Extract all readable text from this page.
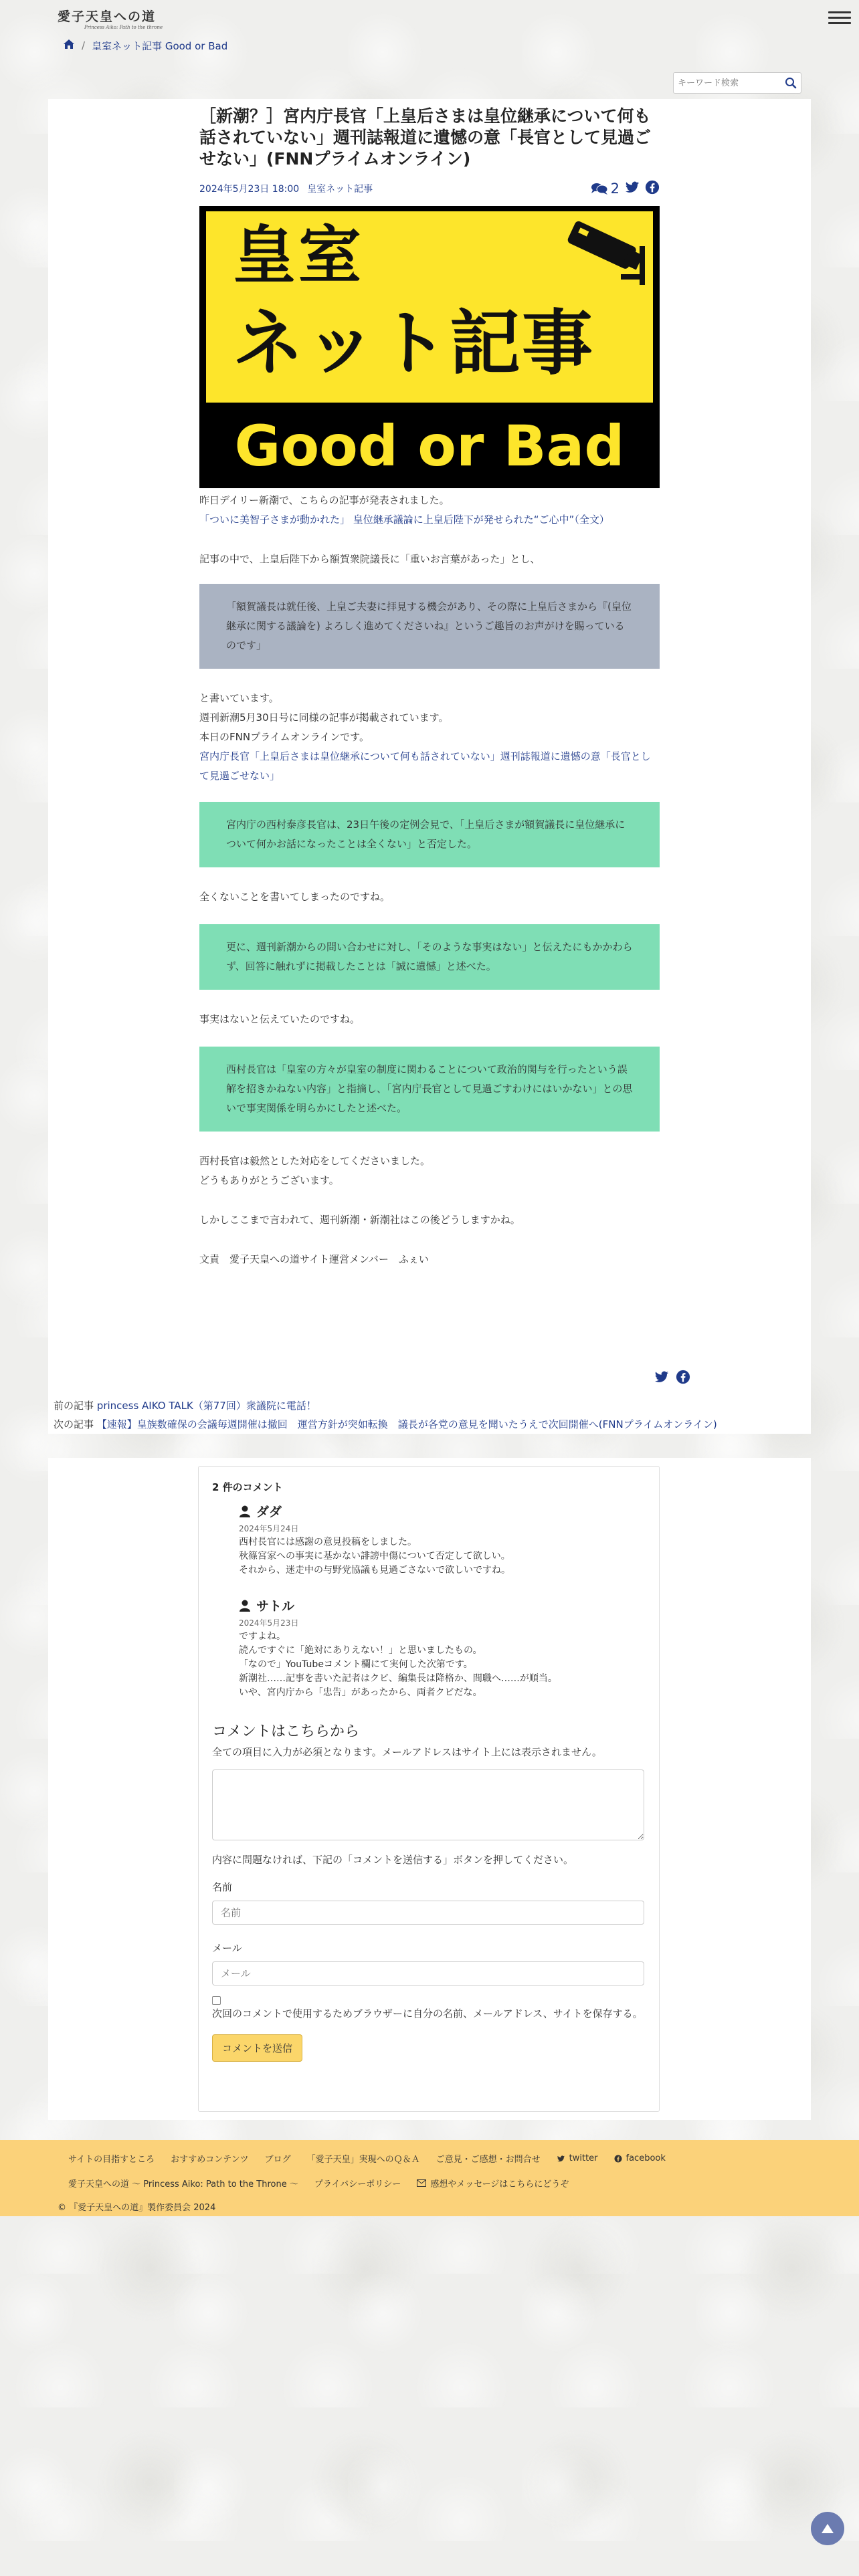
愛子天皇への道
Princess Aiko: Path to the throne
/ 皇室ネット記事 Good or Bad
キーワード検索
［新潮？］宮内庁長官「上皇后さまは皇位継承について何も話されていない」週刊誌報道に遺憾の意「長官として見過ごせない」(FNNプライムオンライン)
2024年5月23日 18:00 皇室ネット記事	2
皇室
ネット記事
Good or Bad

昨日デイリー新潮で、こちらの記事が発表されました。

「ついに美智子さまが動かれた」 皇位継承議論に上皇后陛下が発せられた“ご心中”（全文）

記事の中で、上皇后陛下から額賀衆院議長に「重いお言葉があった」とし、

「額賀議長は就任後、上皇ご夫妻に拝見する機会があり、その際に上皇后さまから『(皇位継承に関する議論を) よろしく進めてくださいね』というご趣旨のお声がけを賜っているのです」

と書いています。

週刊新潮5月30日号に同様の記事が掲載されています。

本日のFNNプライムオンラインです。

宮内庁長官「上皇后さまは皇位継承について何も話されていない」週刊誌報道に遺憾の意「長官として見過ごせない」

宮内庁の西村泰彦長官は、23日午後の定例会見で、「上皇后さまが額賀議長に皇位継承について何かお話になったことは全くない」と否定した。

全くないことを書いてしまったのですね。

更に、週刊新潮からの問い合わせに対し、「そのような事実はない」と伝えたにもかかわらず、回答に触れずに掲載したことは「誠に遺憾」と述べた。

事実はないと伝えていたのですね。

西村長官は「皇室の方々が皇室の制度に関わることについて政治的関与を行ったという誤解を招きかねない内容」と指摘し、「宮内庁長官として見過ごすわけにはいかない」との思いで事実関係を明らかにしたと述べた。

西村長官は毅然とした対応をしてくださいました。

どうもありがとうございます。

しかしここまで言われて、週刊新潮・新潮社はこの後どうしますかね。

文責　愛子天皇への道サイト運営メンバー　ふぇい

前の記事 princess AIKO TALK（第77回）衆議院に電話！
次の記事 【速報】皇族数確保の会議毎週開催は撤回　運営方針が突如転換　議長が各党の意見を聞いたうえで次回開催へ(FNNプライムオンライン)
2 件のコメント
ダダ
2024年5月24日
西村長官には感謝の意見投稿をしました。
秋篠宮家への事実に基かない誹謗中傷について否定して欲しい。
それから、迷走中の与野党協議も見過ごさないで欲しいですね。
サトル
2024年5月23日
ですよね。
読んですぐに「絶対にありえない！」と思いましたもの。
「なので」YouTubeコメント欄にて実何した次第です。
新潮社……記事を書いた記者はクビ、編集長は降格か、間職へ……が順当。
いや、宮内庁から「忠告」があったから、両者クビだな。
コメントはこちらから
全ての項目に入力が必須となります。メールアドレスはサイト上には表示されません。
内容に問題なければ、下記の「コメントを送信する」ボタンを押してください。
名前
名前
メール
メール
次回のコメントで使用するためブラウザーに自分の名前、メールアドレス、サイトを保存する。
コメントを送信
サイトの目指すところ おすすめコンテンツ ブログ 「愛子天皇」実現へのＱ＆Ａ ご意見・ご感想・お問合せ	twitter	facebook
愛子天皇への道 〜 Princess Aiko: Path to the Throne 〜 プライバシーポリシー	感想やメッセージはこちらにどうぞ
© 『愛子天皇への道』製作委員会 2024
